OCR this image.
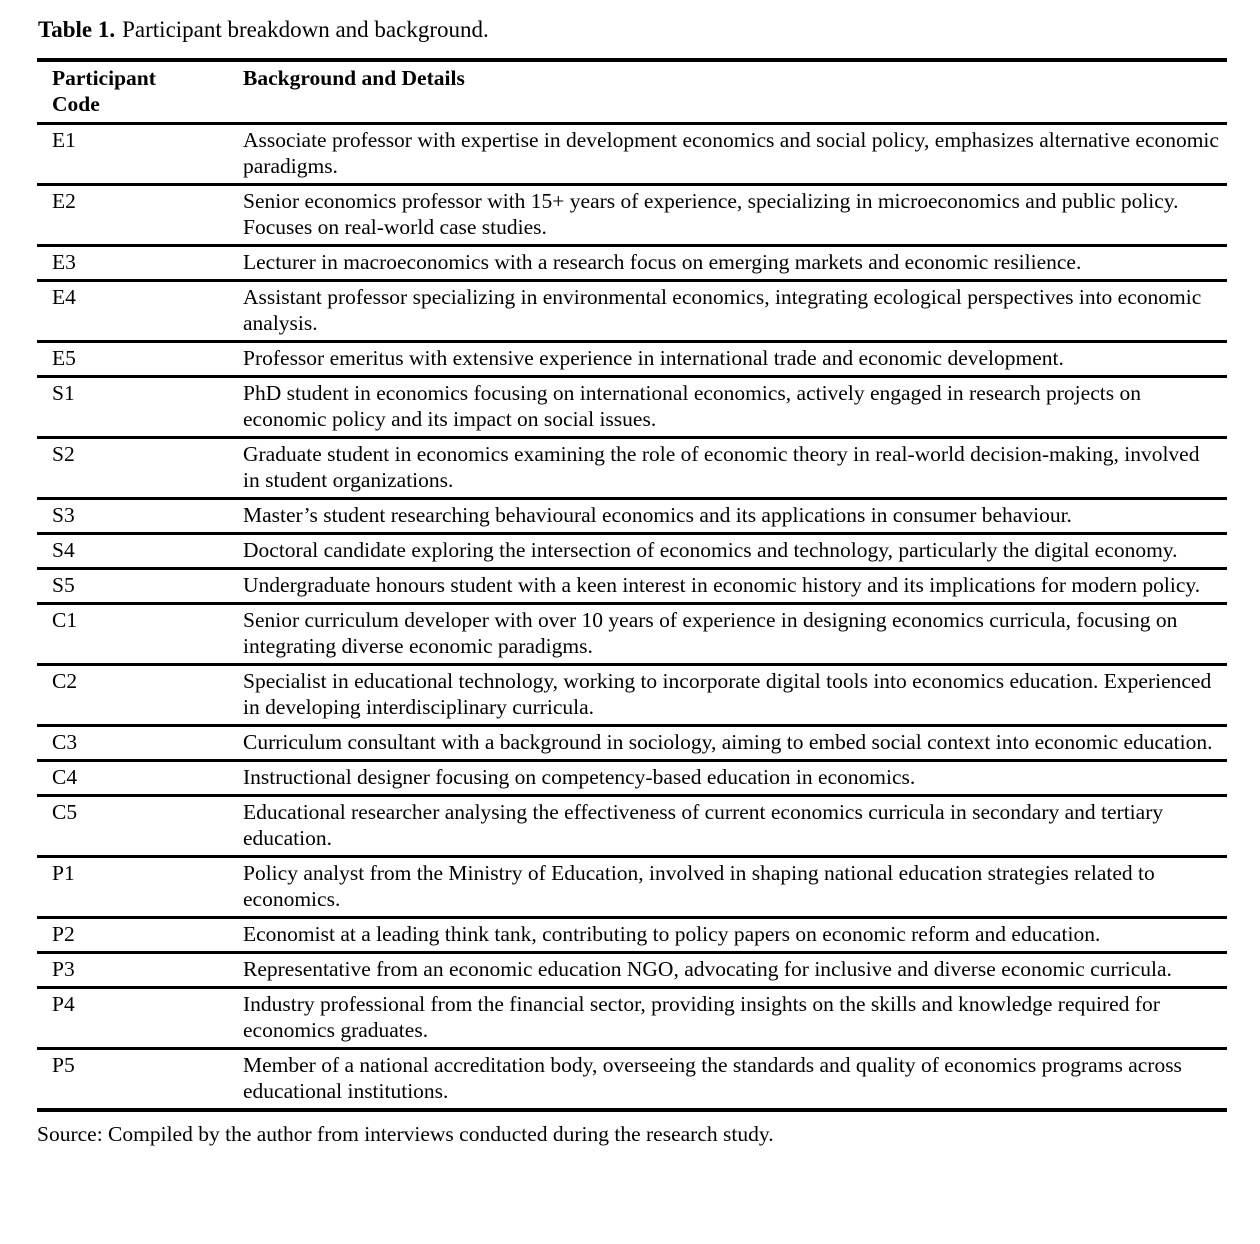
Table 1. Participant breakdown and background.

Participant Code	Background and Details
E1	Associate professor with expertise in development economics and social policy, emphasizes alternative economic paradigms.
E2	Senior economics professor with 15+ years of experience, specializing in microeconomics and public policy. Focuses on real-world case studies.
E3	Lecturer in macroeconomics with a research focus on emerging markets and economic resilience.
E4	Assistant professor specializing in environmental economics, integrating ecological perspectives into economic analysis.
E5	Professor emeritus with extensive experience in international trade and economic development.
S1	PhD student in economics focusing on international economics, actively engaged in research projects on economic policy and its impact on social issues.
S2	Graduate student in economics examining the role of economic theory in real-world decision-making, involved in student organizations.
S3	Master’s student researching behavioural economics and its applications in consumer behaviour.
S4	Doctoral candidate exploring the intersection of economics and technology, particularly the digital economy.
S5	Undergraduate honours student with a keen interest in economic history and its implications for modern policy.
C1	Senior curriculum developer with over 10 years of experience in designing economics curricula, focusing on integrating diverse economic paradigms.
C2	Specialist in educational technology, working to incorporate digital tools into economics education. Experienced in developing interdisciplinary curricula.
C3	Curriculum consultant with a background in sociology, aiming to embed social context into economic education.
C4	Instructional designer focusing on competency-based education in economics.
C5	Educational researcher analysing the effectiveness of current economics curricula in secondary and tertiary education.
P1	Policy analyst from the Ministry of Education, involved in shaping national education strategies related to economics.
P2	Economist at a leading think tank, contributing to policy papers on economic reform and education.
P3	Representative from an economic education NGO, advocating for inclusive and diverse economic curricula.
P4	Industry professional from the financial sector, providing insights on the skills and knowledge required for economics graduates.
P5	Member of a national accreditation body, overseeing the standards and quality of economics programs across educational institutions.

Source: Compiled by the author from interviews conducted during the research study.
